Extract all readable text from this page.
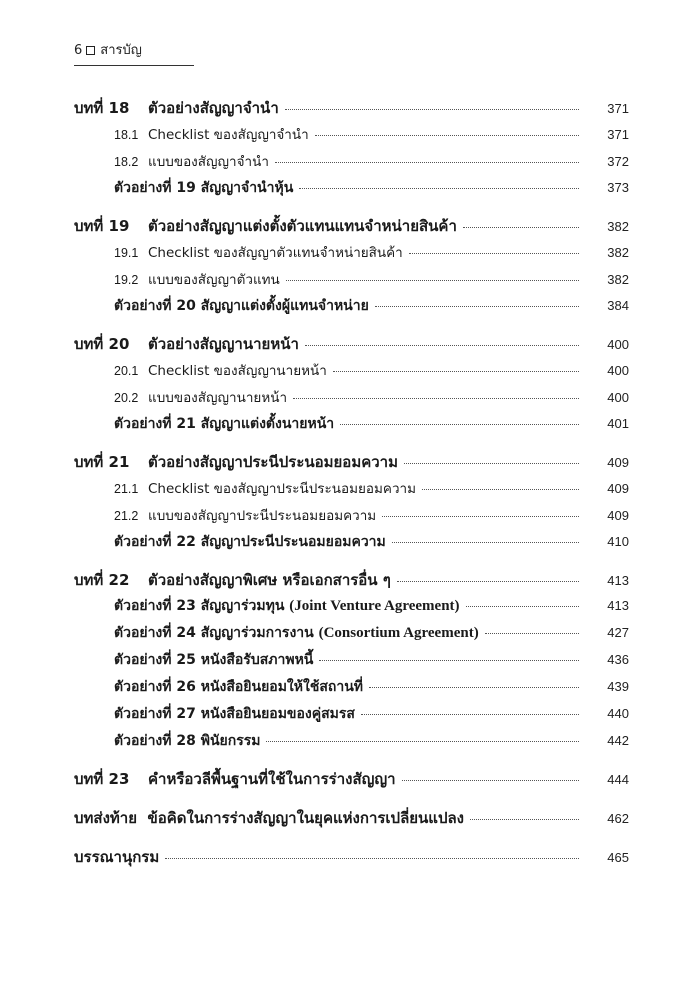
6 สารบัญ
บทที่ 18 ตัวอย่างสัญญาจำนำ	371
18.1 Checklist ของสัญญาจำนำ	371
18.2 แบบของสัญญาจำนำ	372
ตัวอย่างที่ 19 สัญญาจำนำหุ้น	373
บทที่ 19 ตัวอย่างสัญญาแต่งตั้งตัวแทนแทนจำหน่ายสินค้า	382
19.1 Checklist ของสัญญาตัวแทนจำหน่ายสินค้า	382
19.2 แบบของสัญญาตัวแทน	382
ตัวอย่างที่ 20 สัญญาแต่งตั้งผู้แทนจำหน่าย	384
บทที่ 20 ตัวอย่างสัญญานายหน้า	400
20.1 Checklist ของสัญญานายหน้า	400
20.2 แบบของสัญญานายหน้า	400
ตัวอย่างที่ 21 สัญญาแต่งตั้งนายหน้า	401
บทที่ 21 ตัวอย่างสัญญาประนีประนอมยอมความ	409
21.1 Checklist ของสัญญาประนีประนอมยอมความ	409
21.2 แบบของสัญญาประนีประนอมยอมความ	409
ตัวอย่างที่ 22 สัญญาประนีประนอมยอมความ	410
บทที่ 22 ตัวอย่างสัญญาพิเศษ หรือเอกสารอื่น ๆ	413
ตัวอย่างที่ 23 สัญญาร่วมทุน (Joint Venture Agreement)	413
ตัวอย่างที่ 24 สัญญาร่วมการงาน (Consortium Agreement)	427
ตัวอย่างที่ 25 หนังสือรับสภาพหนี้	436
ตัวอย่างที่ 26 หนังสือยินยอมให้ใช้สถานที่	439
ตัวอย่างที่ 27 หนังสือยินยอมของคู่สมรส	440
ตัวอย่างที่ 28 พินัยกรรม	442
บทที่ 23 คำหรือวลีพื้นฐานที่ใช้ในการร่างสัญญา	444
บทส่งท้าย ข้อคิดในการร่างสัญญาในยุคแห่งการเปลี่ยนแปลง	462
บรรณานุกรม	465
